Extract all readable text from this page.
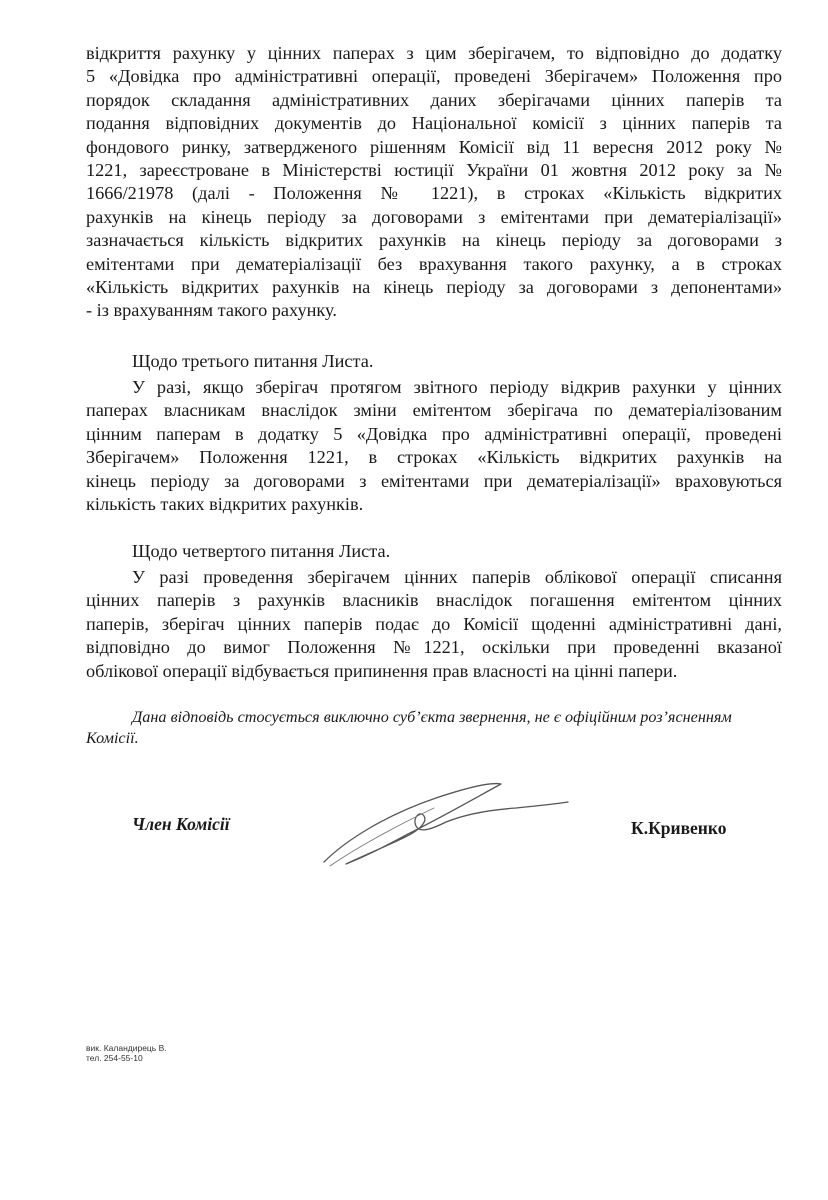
відкриття рахунку у цінних паперах з цим зберігачем, то відповідно до додатку
5 «Довідка про адміністративні операції, проведені Зберігачем» Положення про
порядок складання адміністративних даних зберігачами цінних паперів та
подання відповідних документів до Національної комісії з цінних паперів та
фондового ринку, затвердженого рішенням Комісії від 11 вересня 2012 року №
1221, зареєстроване в Міністерстві юстиції України 01 жовтня 2012 року за №
1666/21978 (далі - Положення № 1221), в строках «Кількість відкритих
рахунків на кінець періоду за договорами з емітентами при дематеріалізації»
зазначається кількість відкритих рахунків на кінець періоду за договорами з
емітентами при дематеріалізації без врахування такого рахунку, а в строках
«Кількість відкритих рахунків на кінець періоду за договорами з депонентами»
- із врахуванням такого рахунку.

Щодо третього питання Листа.

У разі, якщо зберігач протягом звітного періоду відкрив рахунки у цінних
паперах власникам внаслідок зміни емітентом зберігача по дематеріалізованим
цінним паперам в додатку 5 «Довідка про адміністративні операції, проведені
Зберігачем» Положення 1221, в строках «Кількість відкритих рахунків на
кінець періоду за договорами з емітентами при дематеріалізації» враховуються
кількість таких відкритих рахунків.

Щодо четвертого питання Листа.

У разі проведення зберігачем цінних паперів облікової операції списання
цінних паперів з рахунків власників внаслідок погашення емітентом цінних
паперів, зберігач цінних паперів подає до Комісії щоденні адміністративні дані,
відповідно до вимог Положення №1221, оскільки при проведенні вказаної
облікової операції відбувається припинення прав власності на цінні папери.

Дана відповідь стосується виключно суб’єкта звернення, не є офіційним роз’ясненням
Комісії.

Член Комісії	К.Кривенко

вик. Каландирець В.
тел. 254-55-10
